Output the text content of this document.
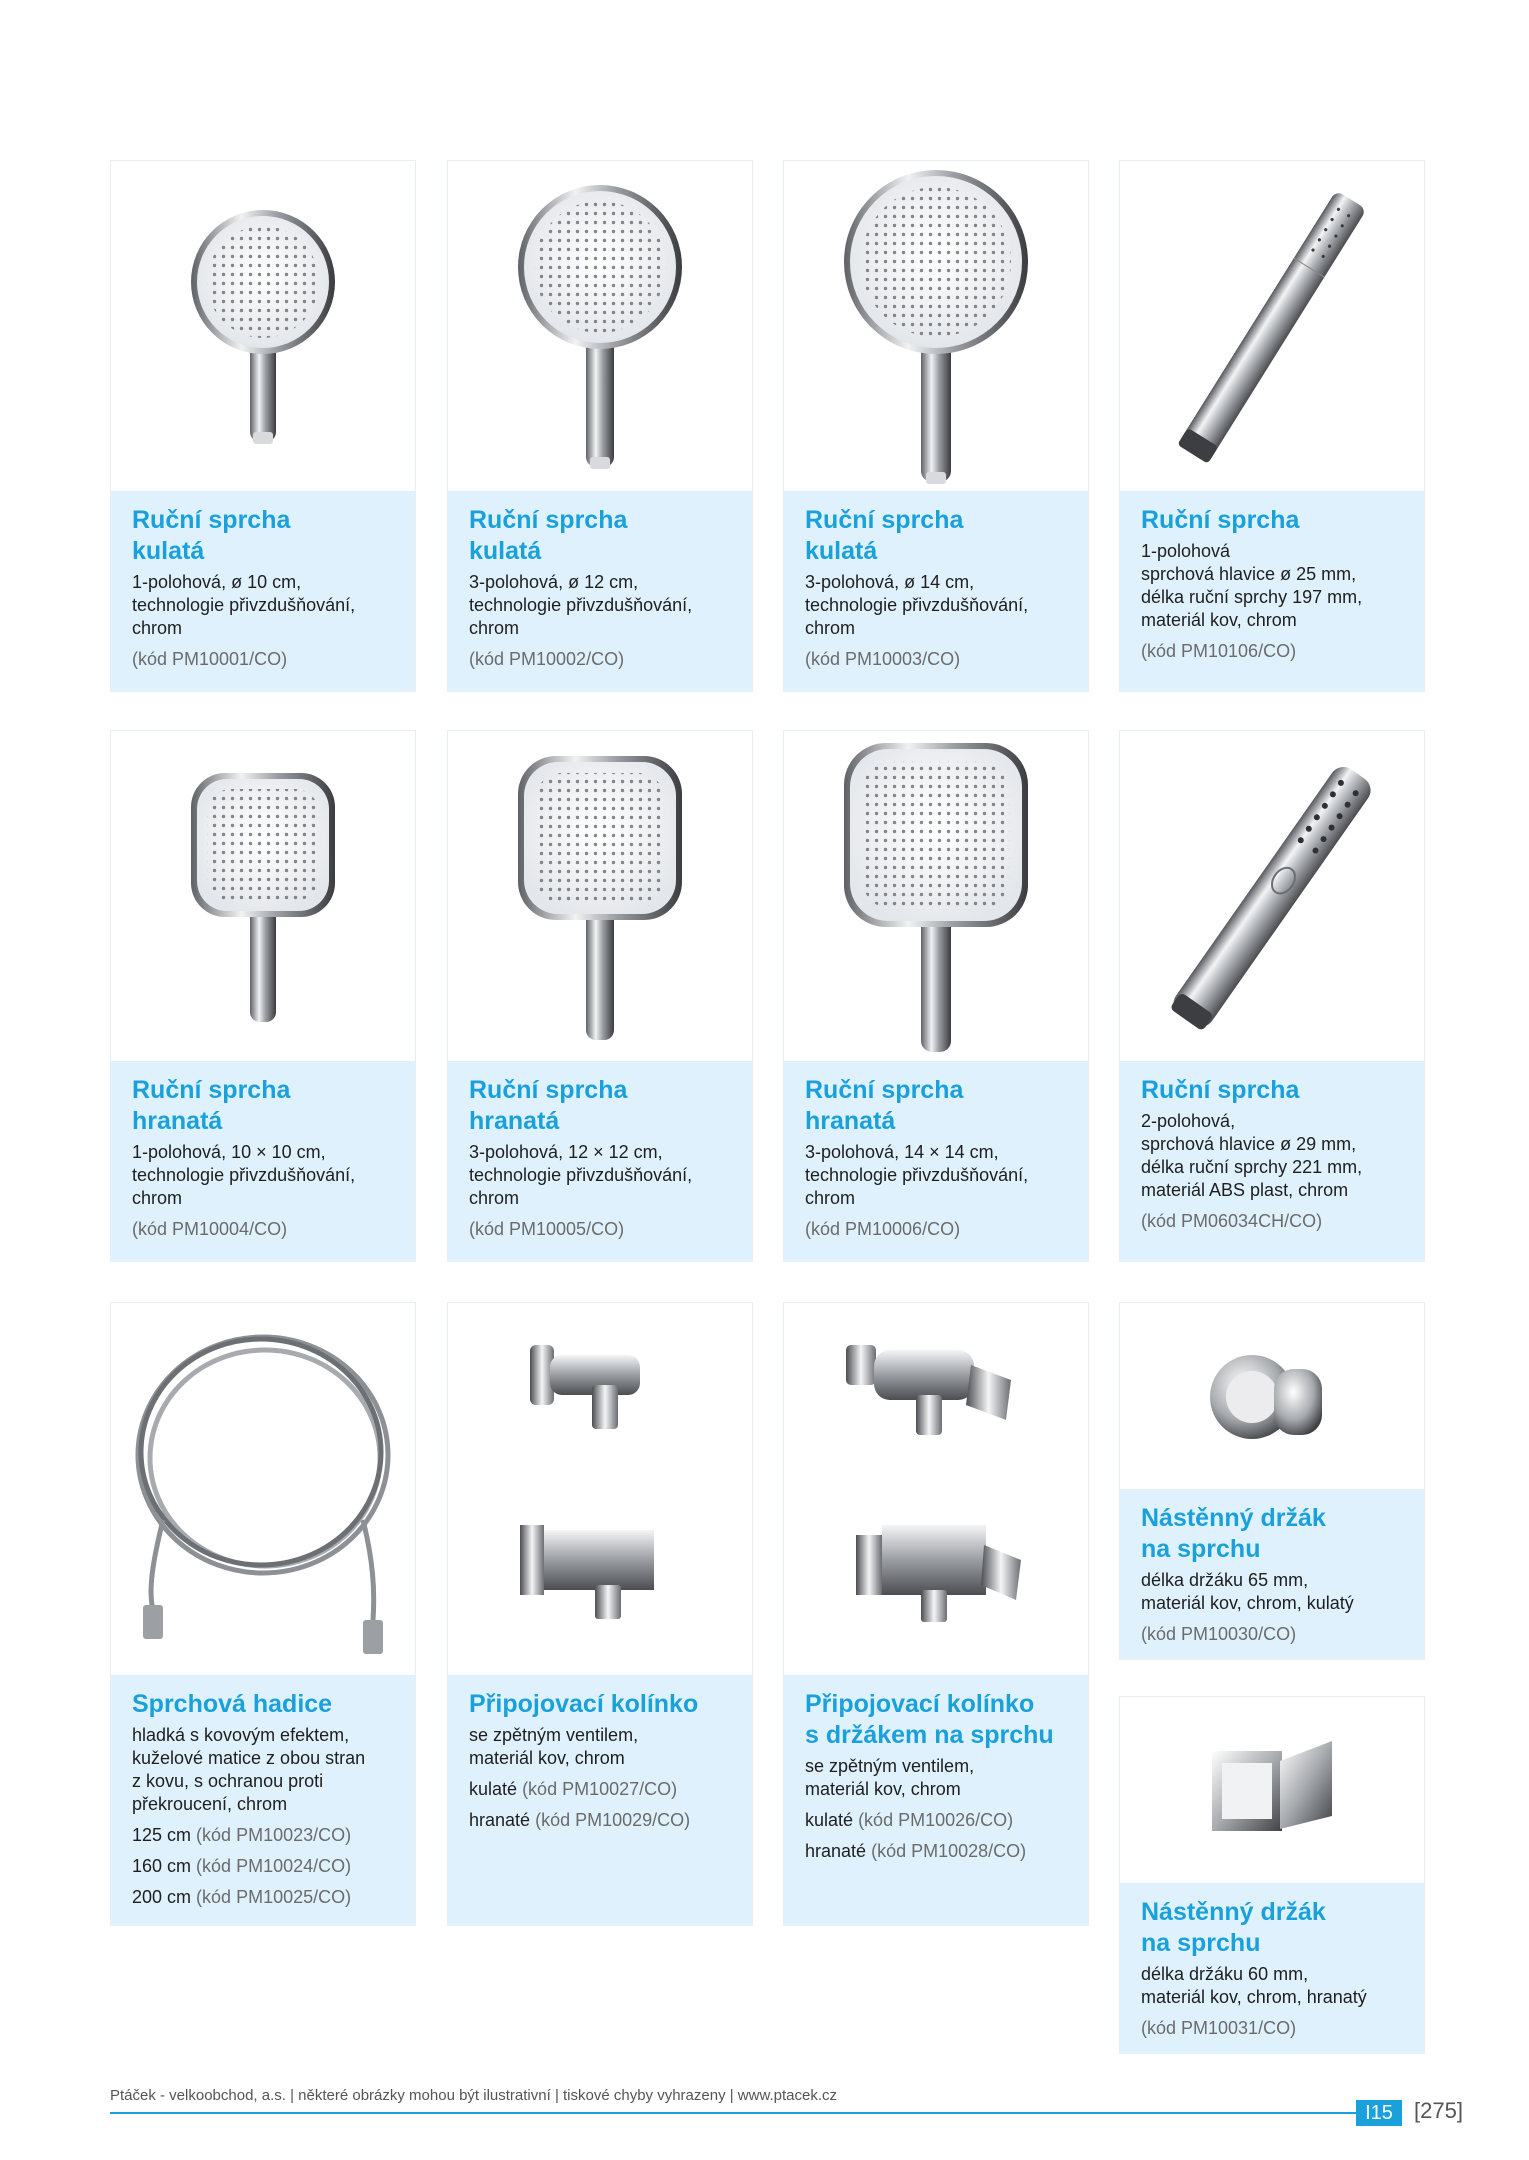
Ruční sprcha
kulatá
1-polohová, ø 10 cm,
technologie přivzdušňování,
chrom
(kód PM10001/CO)
Ruční sprcha
kulatá
3-polohová, ø 12 cm,
technologie přivzdušňování,
chrom
(kód PM10002/CO)
Ruční sprcha
kulatá
3-polohová, ø 14 cm,
technologie přivzdušňování,
chrom
(kód PM10003/CO)
Ruční sprcha
1-polohová
sprchová hlavice ø 25 mm,
délka ruční sprchy 197 mm,
materiál kov, chrom
(kód PM10106/CO)
Ruční sprcha
hranatá
1-polohová, 10 × 10 cm,
technologie přivzdušňování,
chrom
(kód PM10004/CO)
Ruční sprcha
hranatá
3-polohová, 12 × 12 cm,
technologie přivzdušňování,
chrom
(kód PM10005/CO)
Ruční sprcha
hranatá
3-polohová, 14 × 14 cm,
technologie přivzdušňování,
chrom
(kód PM10006/CO)
Ruční sprcha
2-polohová,
sprchová hlavice ø 29 mm,
délka ruční sprchy 221 mm,
materiál ABS plast, chrom
(kód PM06034CH/CO)
Sprchová hadice
hladká s kovovým efektem,
kuželové matice z obou stran
z kovu, s ochranou proti
překroucení, chrom
125 cm (kód PM10023/CO)
160 cm (kód PM10024/CO)
200 cm (kód PM10025/CO)
Připojovací kolínko
se zpětným ventilem,
materiál kov, chrom
kulaté (kód PM10027/CO)
hranaté (kód PM10029/CO)
Připojovací kolínko
s držákem na sprchu
se zpětným ventilem,
materiál kov, chrom
kulaté (kód PM10026/CO)
hranaté (kód PM10028/CO)
Nástěnný držák
na sprchu
délka držáku 65 mm,
materiál kov, chrom, kulatý
(kód PM10030/CO)
Nástěnný držák
na sprchu
délka držáku 60 mm,
materiál kov, chrom, hranatý
(kód PM10031/CO)
Ptáček - velkoobchod, a.s. | některé obrázky mohou být ilustrativní | tiskové chyby vyhrazeny | www.ptacek.cz
I15 [275]
